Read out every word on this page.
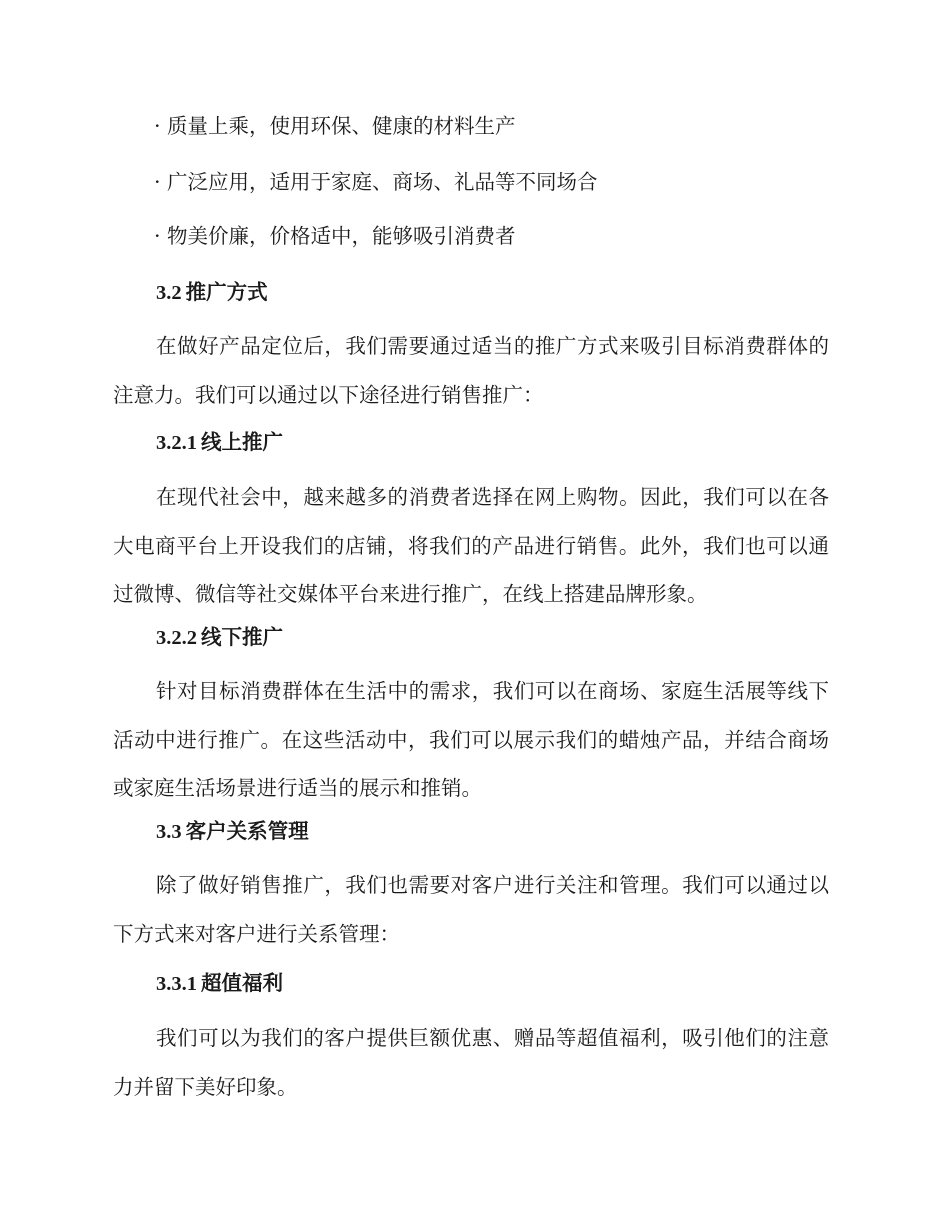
· 质量上乘，使用环保、健康的材料生产
· 广泛应用，适用于家庭、商场、礼品等不同场合
· 物美价廉，价格适中，能够吸引消费者
3.2 推广方式
在做好产品定位后，我们需要通过适当的推广方式来吸引目标消费群体的注意力。我们可以通过以下途径进行销售推广：
3.2.1 线上推广
在现代社会中，越来越多的消费者选择在网上购物。因此，我们可以在各大电商平台上开设我们的店铺，将我们的产品进行销售。此外，我们也可以通过微博、微信等社交媒体平台来进行推广，在线上搭建品牌形象。
3.2.2 线下推广
针对目标消费群体在生活中的需求，我们可以在商场、家庭生活展等线下活动中进行推广。在这些活动中，我们可以展示我们的蜡烛产品，并结合商场或家庭生活场景进行适当的展示和推销。
3.3 客户关系管理
除了做好销售推广，我们也需要对客户进行关注和管理。我们可以通过以下方式来对客户进行关系管理：
3.3.1 超值福利
我们可以为我们的客户提供巨额优惠、赠品等超值福利，吸引他们的注意力并留下美好印象。
